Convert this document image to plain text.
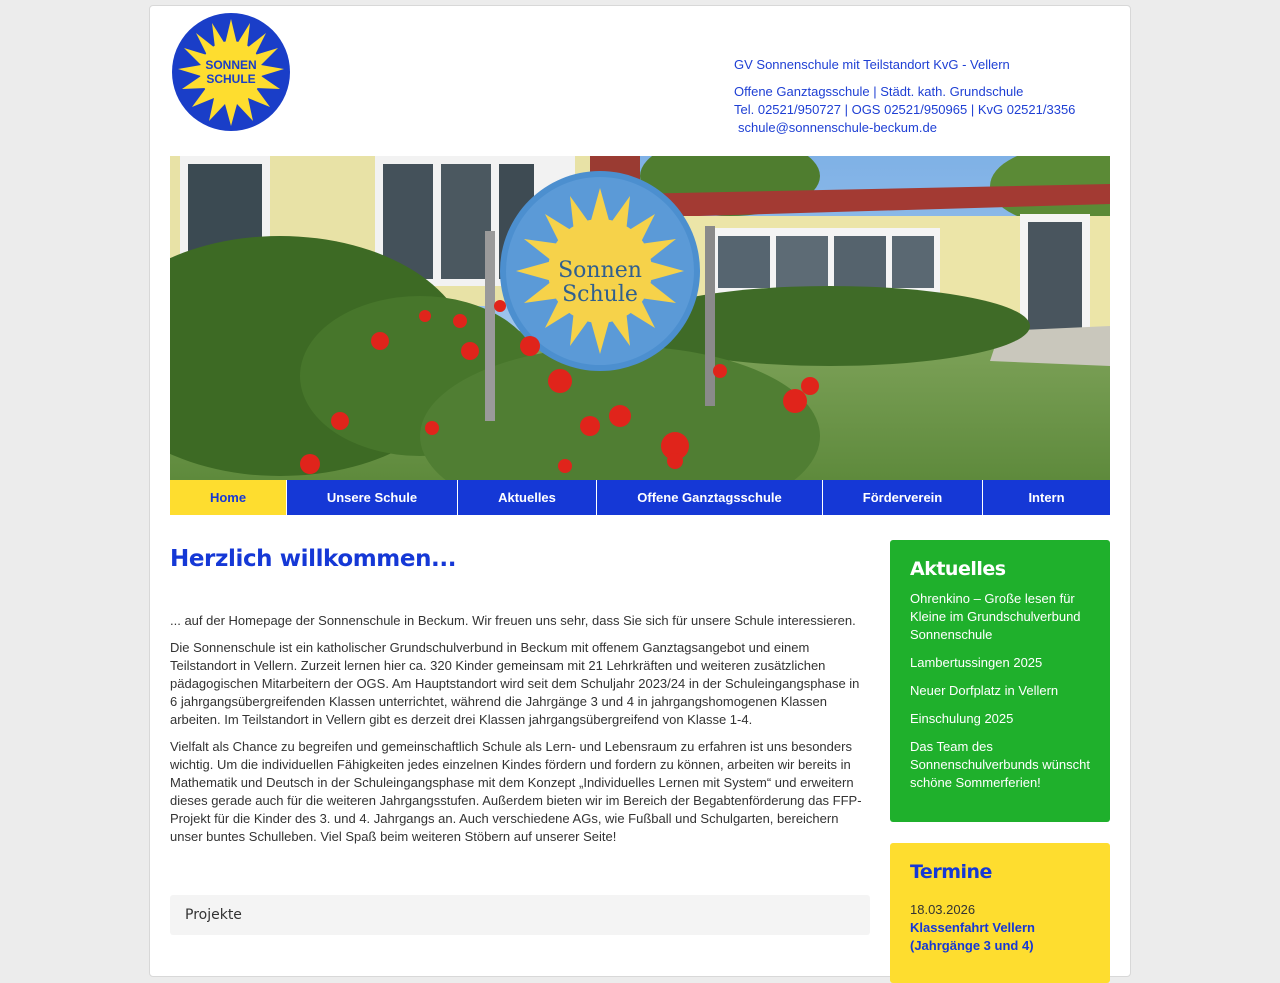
SONNEN
SCHULE
GV Sonnenschule mit Teilstandort KvG - Vellern
Offene Ganztagsschule | Städt. kath. Grundschule
Tel. 02521/950727 | OGS 02521/950965 | KvG 02521/3356
schule@sonnenschule-beckum.de
Sonnen
Schule
Home	Unsere Schule	Aktuelles	Offene Ganztagsschule	Förderverein	Intern
Herzlich willkommen...

... auf der Homepage der Sonnenschule in Beckum. Wir freuen uns sehr, dass Sie sich für unsere Schule interessieren.

Die Sonnenschule ist ein katholischer Grundschulverbund in Beckum mit offenem Ganztagsangebot und einem Teilstandort in Vellern. Zurzeit lernen hier ca. 320 Kinder gemeinsam mit 21 Lehrkräften und weiteren zusätzlichen pädagogischen Mitarbeitern der OGS. Am Hauptstandort wird seit dem Schuljahr 2023/24 in der Schuleingangsphase in 6 jahrgangsübergreifenden Klassen unterrichtet, während die Jahrgänge 3 und 4 in jahrgangshomogenen Klassen arbeiten. Im Teilstandort in Vellern gibt es derzeit drei Klassen jahrgangsübergreifend von Klasse 1-4.

Vielfalt als Chance zu begreifen und gemeinschaftlich Schule als Lern- und Lebensraum zu erfahren ist uns besonders wichtig. Um die individuellen Fähigkeiten jedes einzelnen Kindes fördern und fordern zu können, arbeiten wir bereits in Mathematik und Deutsch in der Schuleingangsphase mit dem Konzept „Individuelles Lernen mit System“ und erweitern dieses gerade auch für die weiteren Jahrgangsstufen. Außerdem bieten wir im Bereich der Begabtenförderung das FFP-Projekt für die Kinder des 3. und 4. Jahrgangs an. Auch verschiedene AGs, wie Fußball und Schulgarten, bereichern unser buntes Schulleben. Viel Spaß beim weiteren Stöbern auf unserer Seite!

Projekte
Aktuelles
Ohrenkino – Große lesen für Kleine im Grundschulverbund Sonnenschule
Lambertussingen 2025
Neuer Dorfplatz in Vellern
Einschulung 2025
Das Team des Sonnenschulverbunds wünscht schöne Sommerferien!
Termine
18.03.2026
Klassenfahrt Vellern (Jahrgänge 3 und 4)
